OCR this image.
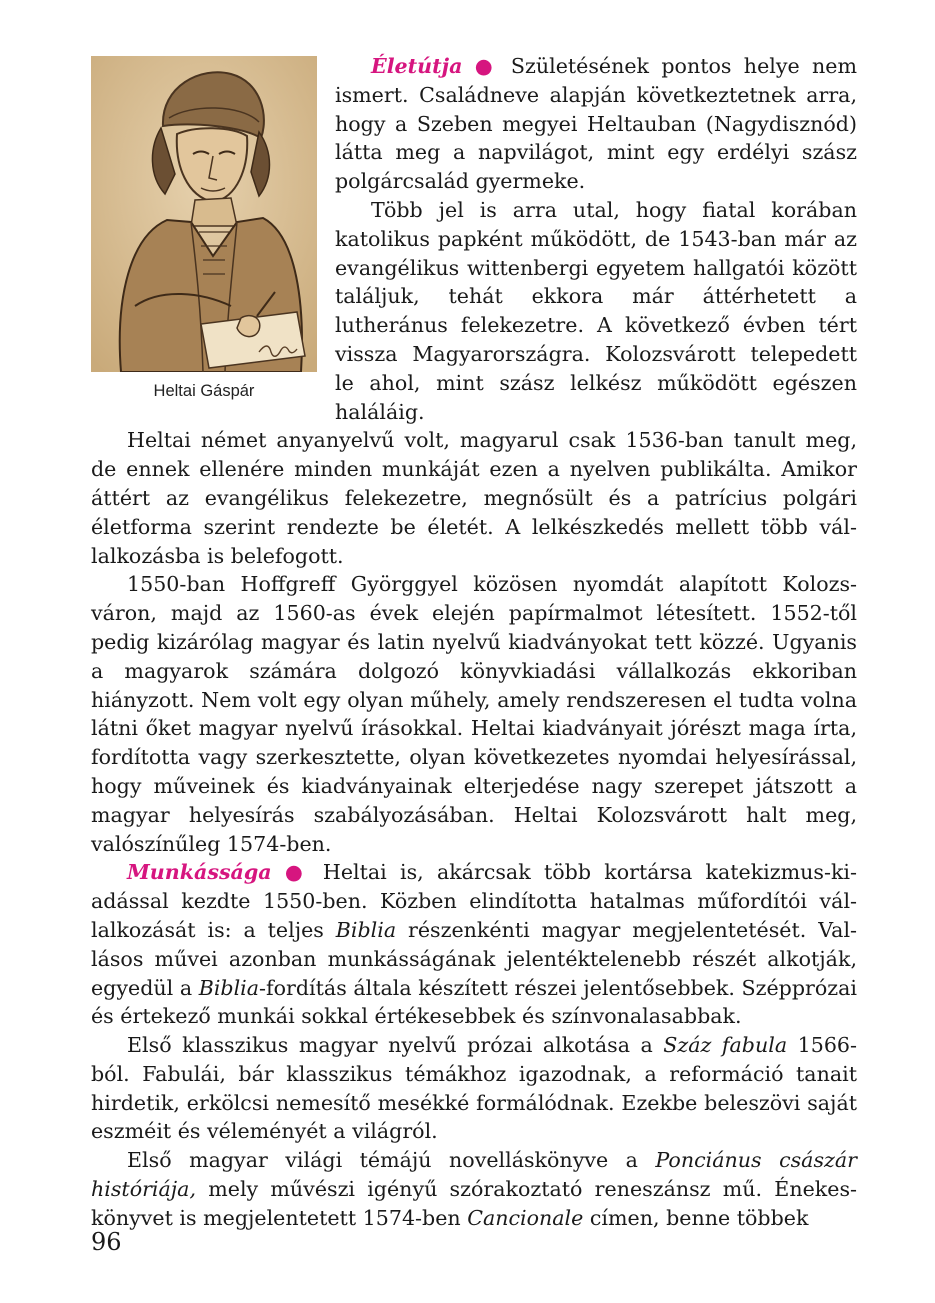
Heltai Gáspár

Életútja ● Születésének pontos helye nem ismert. Családneve alapján következtetnek arra, hogy a Szeben megyei Heltauban (Nagydisznód) látta meg a napvilágot, mint egy erdélyi szász polgárcsalád gyermeke.

Több jel is arra utal, hogy fiatal korában katolikus papként működött, de 1543-ban már az evangélikus wittenbergi egyetem hallgatói között találjuk, tehát ekkora már áttérhetett a lutheránus felekezetre. A következő évben tért vissza Magyarországra. Kolozsvárott telepedett le ahol, mint szász lelkész működött egészen haláláig.

Heltai német anyanyelvű volt, magyarul csak 1536-ban tanult meg, de ennek ellenére minden munkáját ezen a nyelven publikálta. Amikor áttért az evangélikus felekezetre, megnősült és a patrícius polgári életforma szerint rendezte be életét. A lelkészkedés mellett több vállalkozásba is belefogott.

1550-ban Hoffgreff Györggyel közösen nyomdát alapított Kolozsváron, majd az 1560-as évek elején papírmalmot létesített. 1552-től pedig kizárólag magyar és latin nyelvű kiadványokat tett közzé. Ugyanis a magyarok számára dolgozó könyvkiadási vállalkozás ekkoriban hiányzott. Nem volt egy olyan műhely, amely rendszeresen el tudta volna látni őket magyar nyelvű írásokkal. Heltai kiadványait jórészt maga írta, fordította vagy szerkesztette, olyan következetes nyomdai helyesírással, hogy műveinek és kiadványainak elterjedése nagy szerepet játszott a magyar helyesírás szabályozásában. Heltai Kolozsvárott halt meg, valószínűleg 1574-ben.

Munkássága ● Heltai is, akárcsak több kortársa katekizmus-kiadással kezdte 1550-ben. Közben elindította hatalmas műfordítói vállalkozását is: a teljes Biblia részenkénti magyar megjelentetését. Vallásos művei azonban munkásságának jelentéktelenebb részét alkotják, egyedül a Biblia-fordítás általa készített részei jelentősebbek. Szépprózai és értekező munkái sokkal értékesebbek és színvonalasabbak.

Első klasszikus magyar nyelvű prózai alkotása a Száz fabula 1566-ból. Fabulái, bár klasszikus témákhoz igazodnak, a reformáció tanait hirdetik, erkölcsi nemesítő mesékké formálódnak. Ezekbe beleszövi saját eszméit és véleményét a világról.

Első magyar világi témájú novelláskönyve a Ponciánus császár históriája, mely művészi igényű szórakoztató reneszánsz mű. Énekeskönyvet is megjelentetett 1574-ben Cancionale címen, benne többek

96
